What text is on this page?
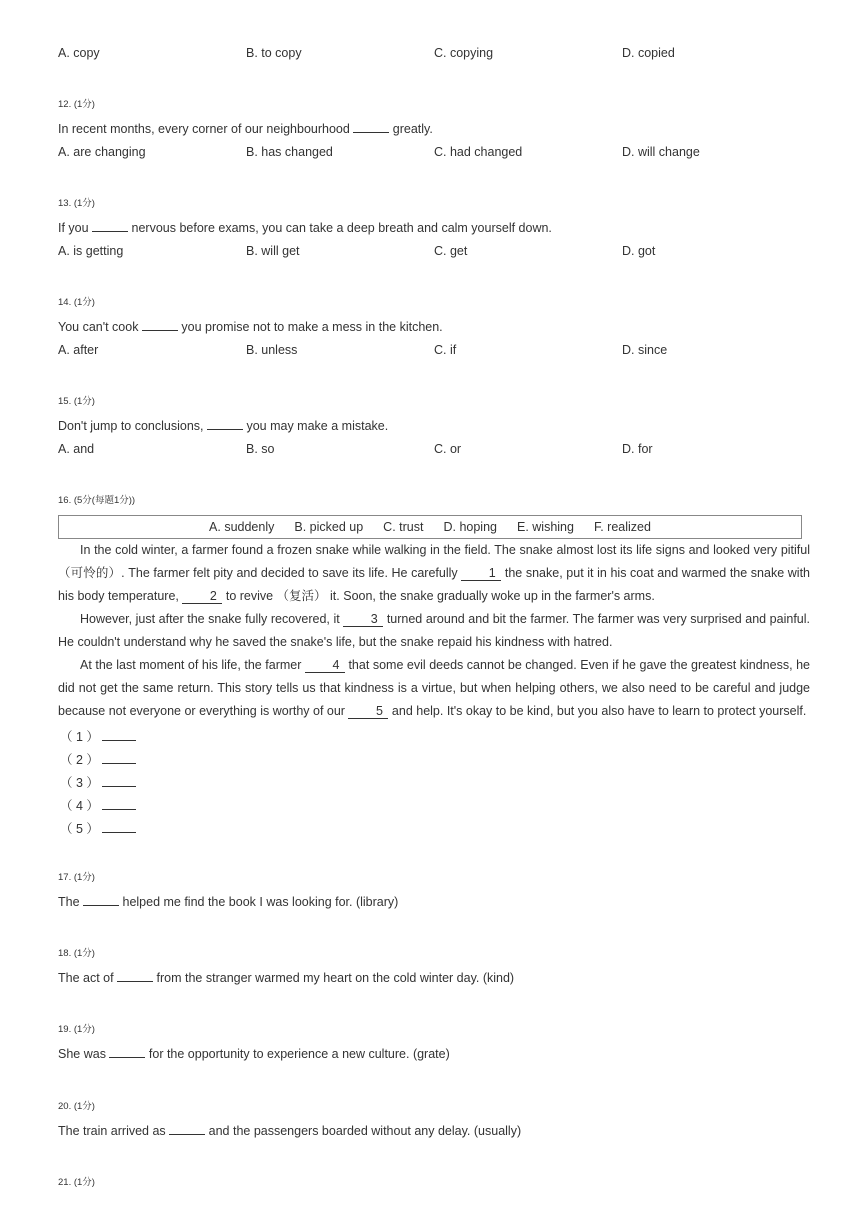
A. copy	B. to copy	C. copying	D. copied
12. (1分)
In recent months, every corner of our neighbourhood	greatly.
A. are changing	B. has changed	C. had changed	D. will change
13. (1分)
If you	nervous before exams, you can take a deep breath and calm yourself down.
A. is getting	B. will get	C. get	D. got
14. (1分)
You can't cook	you promise not to make a mess in the kitchen.
A. after	B. unless	C. if	D. since
15. (1分)
Don't jump to conclusions,	you may make a mistake.
A. and	B. so	C. or	D. for
16. (5分(每题1分))
A. suddenly B. picked up C. trust D. hoping E. wishing F. realized
In the cold winter, a farmer found a frozen snake while walking in the field. The snake almost lost its life signs and looked very pitiful（可怜的）. The farmer felt pity and decided to save its life. He carefully 1 the snake, put it in his coat and warmed the snake with his body temperature, 2 to revive （复活） it. Soon, the snake gradually woke up in the farmer's arms.
However, just after the snake fully recovered, it 3 turned around and bit the farmer. The farmer was very surprised and painful. He couldn't understand why he saved the snake's life, but the snake repaid his kindness with hatred.
At the last moment of his life, the farmer 4 that some evil deeds cannot be changed. Even if he gave the greatest kindness, he did not get the same return. This story tells us that kindness is a virtue, but when helping others, we also need to be careful and judge because not everyone or everything is worthy of our 5 and help. It's okay to be kind, but you also have to learn to protect yourself.
（ 1 ）
（ 2 ）
（ 3 ）
（ 4 ）
（ 5 ）
17. (1分)
The	helped me find the book I was looking for. (library)
18. (1分)
The act of	from the stranger warmed my heart on the cold winter day. (kind)
19. (1分)
She was	for the opportunity to experience a new culture. (grate)
20. (1分)
The train arrived as	and the passengers boarded without any delay. (usually)
21. (1分)
